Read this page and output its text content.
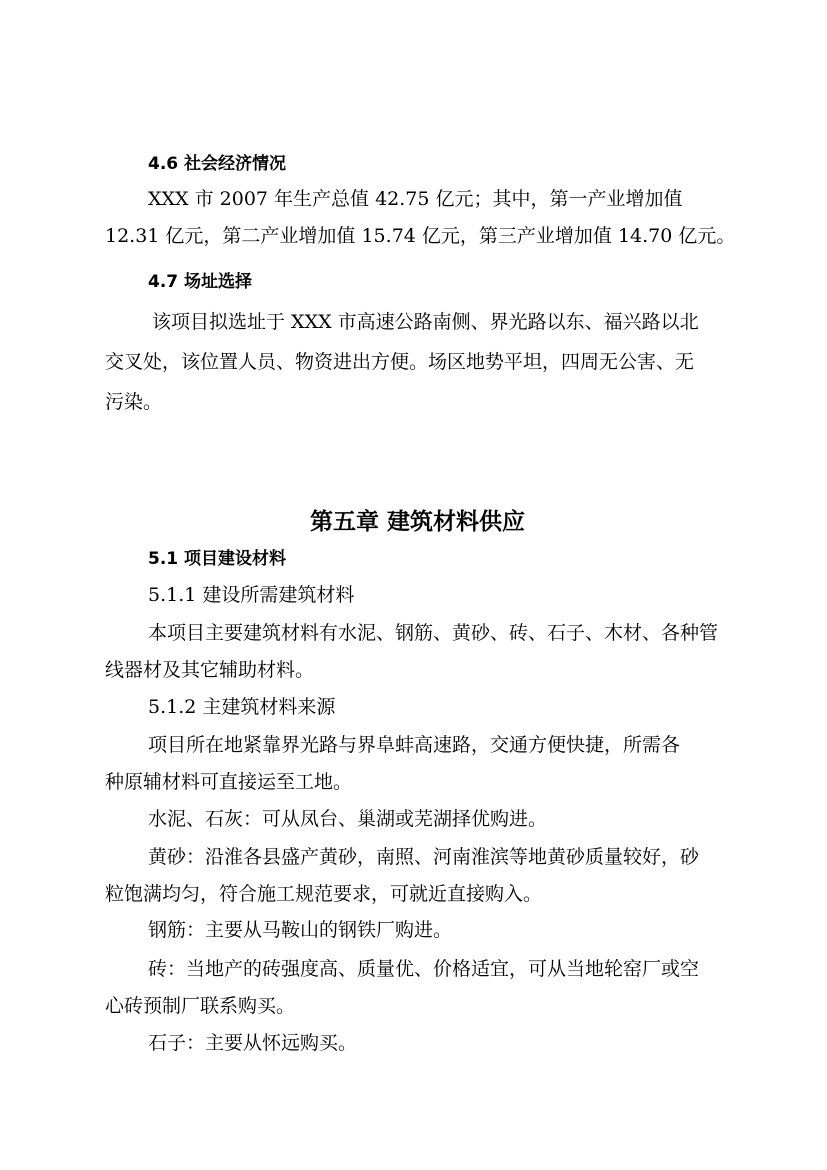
4.6 社会经济情况
XXX 市 2007 年生产总值 42.75 亿元；其中，第一产业增加值
12.31 亿元，第二产业增加值 15.74 亿元，第三产业增加值 14.70 亿元。
4.7 场址选择
该项目拟选址于 XXX 市高速公路南侧、界光路以东、福兴路以北
交叉处，该位置人员、物资进出方便。场区地势平坦，四周无公害、无
污染。
第五章 建筑材料供应
5.1 项目建设材料
5.1.1 建设所需建筑材料
本项目主要建筑材料有水泥、钢筋、黄砂、砖、石子、木材、各种管
线器材及其它辅助材料。
5.1.2 主建筑材料来源
项目所在地紧靠界光路与界阜蚌高速路，交通方便快捷，所需各
种原辅材料可直接运至工地。
水泥、石灰：可从凤台、巢湖或芜湖择优购进。
黄砂：沿淮各县盛产黄砂，南照、河南淮滨等地黄砂质量较好，砂
粒饱满均匀，符合施工规范要求，可就近直接购入。
钢筋：主要从马鞍山的钢铁厂购进。
砖：当地产的砖强度高、质量优、价格适宜，可从当地轮窑厂或空
心砖预制厂联系购买。
石子：主要从怀远购买。
